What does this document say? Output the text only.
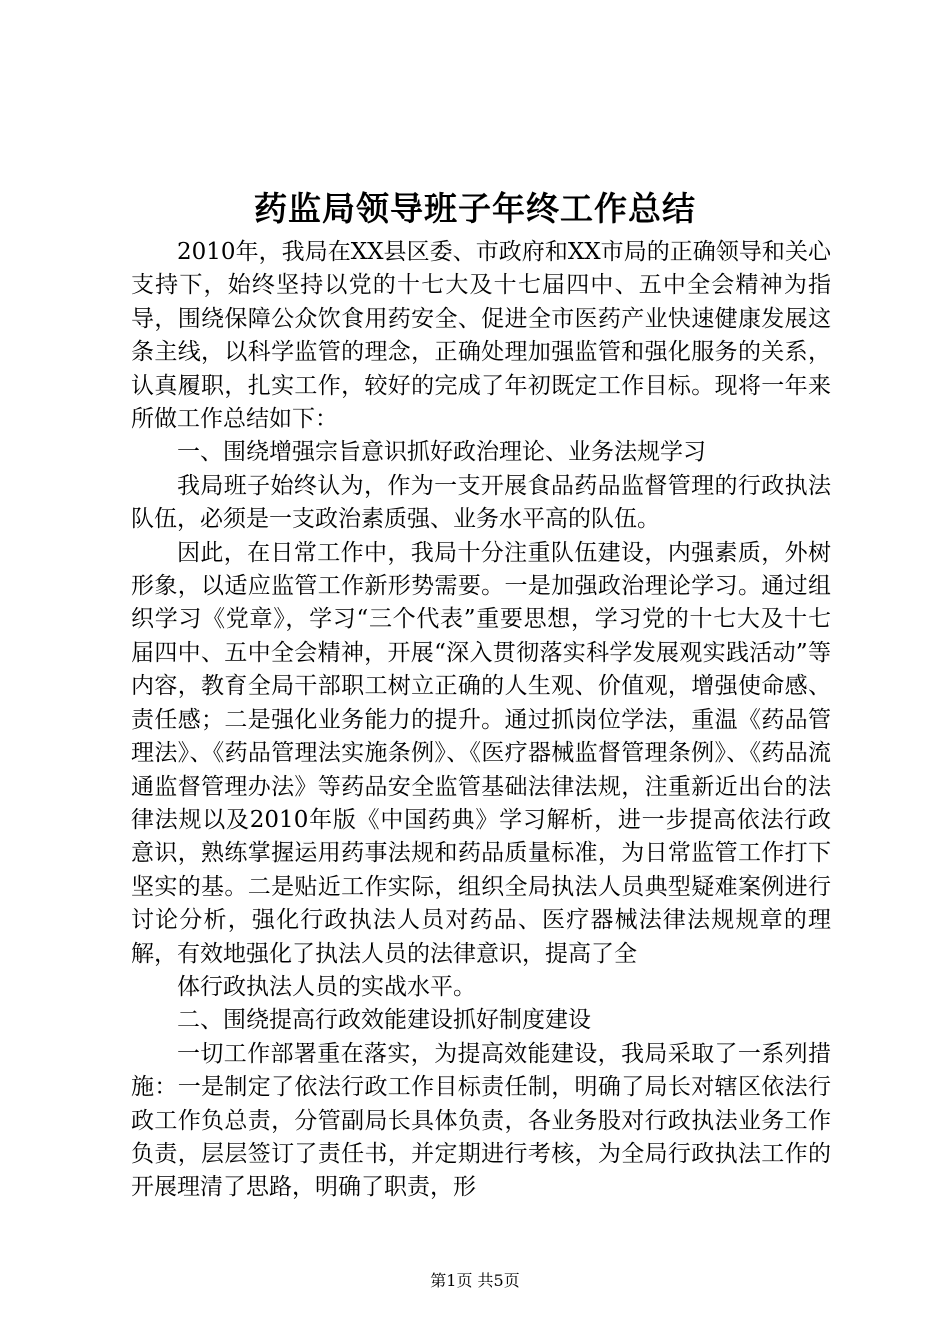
药监局领导班子年终工作总结

2010年，我局在XX县区委、市政府和XX市局的正确领导和关心支持下，始终坚持以党的十七大及十七届四中、五中全会精神为指导，围绕保障公众饮食用药安全、促进全市医药产业快速健康发展这条主线，以科学监管的理念，正确处理加强监管和强化服务的关系，认真履职，扎实工作，较好的完成了年初既定工作目标。现将一年来所做工作总结如下：

一、围绕增强宗旨意识抓好政治理论、业务法规学习

我局班子始终认为，作为一支开展食品药品监督管理的行政执法队伍，必须是一支政治素质强、业务水平高的队伍。

因此，在日常工作中，我局十分注重队伍建设，内强素质，外树形象，以适应监管工作新形势需要。一是加强政治理论学习。通过组织学习《党章》，学习“三个代表”重要思想，学习党的十七大及十七届四中、五中全会精神，开展“深入贯彻落实科学发展观实践活动”等内容，教育全局干部职工树立正确的人生观、价值观，增强使命感、责任感；二是强化业务能力的提升。通过抓岗位学法，重温《药品管理法》、《药品管理法实施条例》、《医疗器械监督管理条例》、《药品流通监督管理办法》等药品安全监管基础法律法规，注重新近出台的法律法规以及2010年版《中国药典》学习解析，进一步提高依法行政意识，熟练掌握运用药事法规和药品质量标准，为日常监管工作打下坚实的基。二是贴近工作实际，组织全局执法人员典型疑难案例进行讨论分析，强化行政执法人员对药品、医疗器械法律法规规章的理解，有效地强化了执法人员的法律意识，提高了全

体行政执法人员的实战水平。

二、围绕提高行政效能建设抓好制度建设

一切工作部署重在落实，为提高效能建设，我局采取了一系列措施：一是制定了依法行政工作目标责任制，明确了局长对辖区依法行政工作负总责，分管副局长具体负责，各业务股对行政执法业务工作负责，层层签订了责任书，并定期进行考核，为全局行政执法工作的开展理清了思路，明确了职责，形

第1页 共5页
